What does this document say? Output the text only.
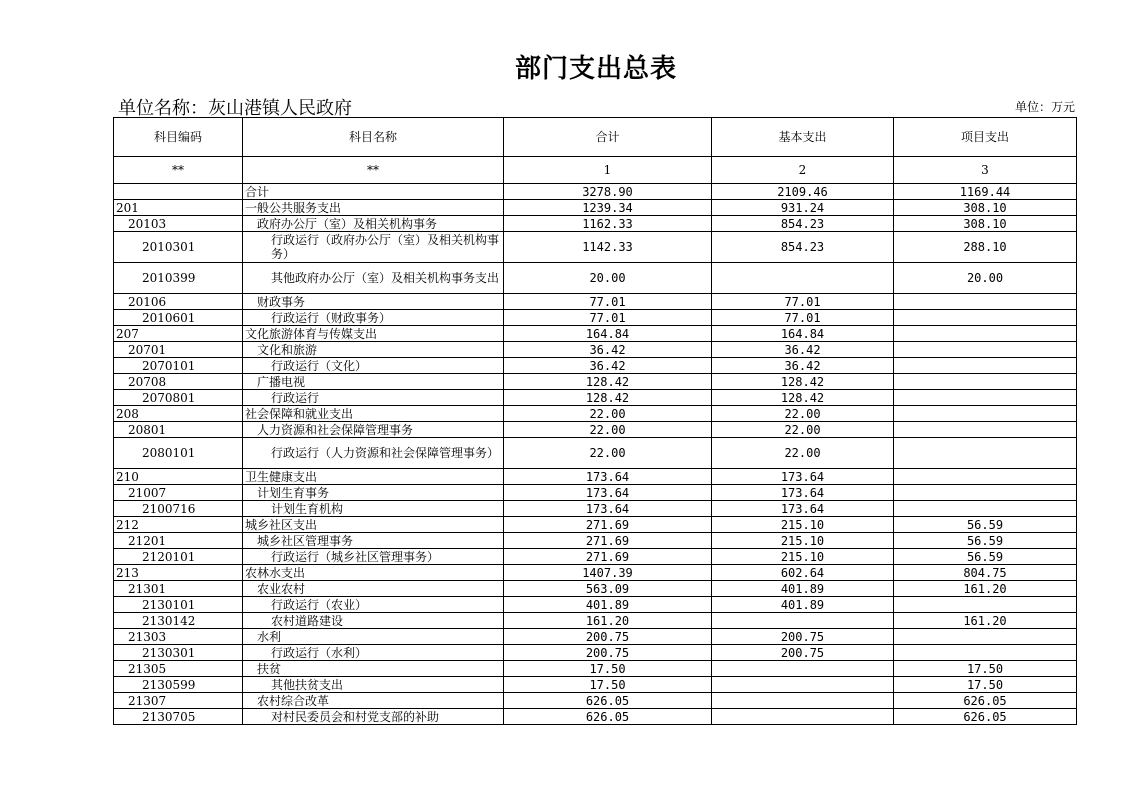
部门支出总表
单位名称：灰山港镇人民政府	单位：万元
科目编码	科目名称	合计	基本支出	项目支出
**	**	1	2	3
	合计	3278.90	2109.46	1169.44
201	一般公共服务支出	1239.34	931.24	308.10
20103	政府办公厅（室）及相关机构事务	1162.33	854.23	308.10
2010301	行政运行（政府办公厅（室）及相关机构事务）	1142.33	854.23	288.10
2010399	其他政府办公厅（室）及相关机构事务支出	20.00		20.00
20106	财政事务	77.01	77.01	
2010601	行政运行（财政事务）	77.01	77.01	
207	文化旅游体育与传媒支出	164.84	164.84	
20701	文化和旅游	36.42	36.42	
2070101	行政运行（文化）	36.42	36.42	
20708	广播电视	128.42	128.42	
2070801	行政运行	128.42	128.42	
208	社会保障和就业支出	22.00	22.00	
20801	人力资源和社会保障管理事务	22.00	22.00	
2080101	行政运行（人力资源和社会保障管理事务）	22.00	22.00	
210	卫生健康支出	173.64	173.64	
21007	计划生育事务	173.64	173.64	
2100716	计划生育机构	173.64	173.64	
212	城乡社区支出	271.69	215.10	56.59
21201	城乡社区管理事务	271.69	215.10	56.59
2120101	行政运行（城乡社区管理事务）	271.69	215.10	56.59
213	农林水支出	1407.39	602.64	804.75
21301	农业农村	563.09	401.89	161.20
2130101	行政运行（农业）	401.89	401.89	
2130142	农村道路建设	161.20		161.20
21303	水利	200.75	200.75	
2130301	行政运行（水利）	200.75	200.75	
21305	扶贫	17.50		17.50
2130599	其他扶贫支出	17.50		17.50
21307	农村综合改革	626.05		626.05
2130705	对村民委员会和村党支部的补助	626.05		626.05
